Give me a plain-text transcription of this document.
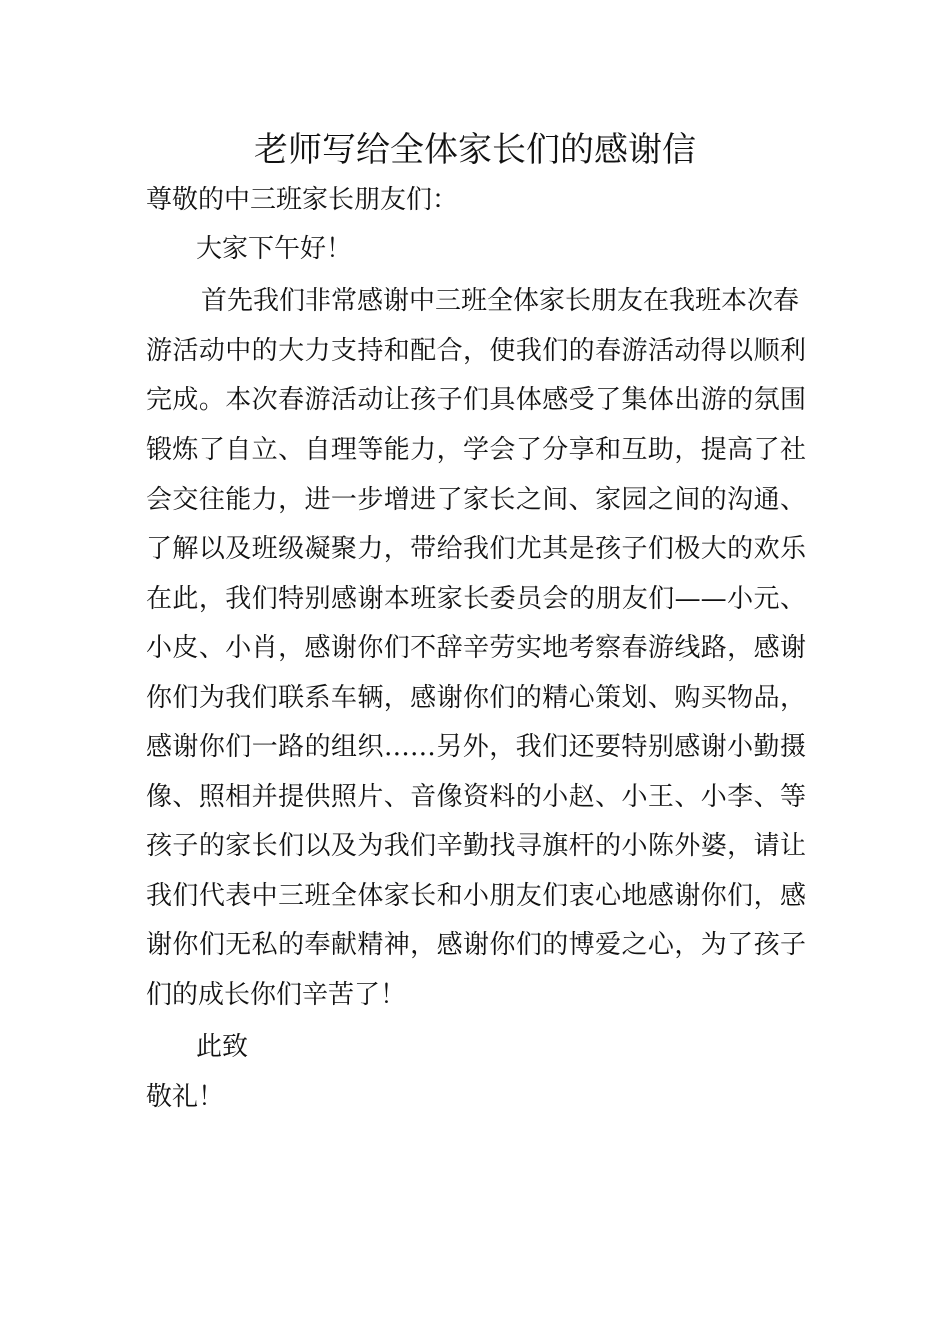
老师写给全体家长们的感谢信

尊敬的中三班家长朋友们：

大家下午好！

首先我们非常感谢中三班全体家长朋友在我班本次春

游活动中的大力支持和配合，使我们的春游活动得以顺利

完成。本次春游活动让孩子们具体感受了集体出游的氛围

锻炼了自立、自理等能力，学会了分享和互助，提高了社

会交往能力，进一步增进了家长之间、家园之间的沟通、

了解以及班级凝聚力，带给我们尤其是孩子们极大的欢乐

在此，我们特别感谢本班家长委员会的朋友们——小元、

小皮、小肖，感谢你们不辞辛劳实地考察春游线路，感谢

你们为我们联系车辆，感谢你们的精心策划、购买物品，

感谢你们一路的组织……另外，我们还要特别感谢小勤摄

像、照相并提供照片、音像资料的小赵、小王、小李、等

孩子的家长们以及为我们辛勤找寻旗杆的小陈外婆，请让

我们代表中三班全体家长和小朋友们衷心地感谢你们，感

谢你们无私的奉献精神，感谢你们的博爱之心，为了孩子

们的成长你们辛苦了！

此致

敬礼！
